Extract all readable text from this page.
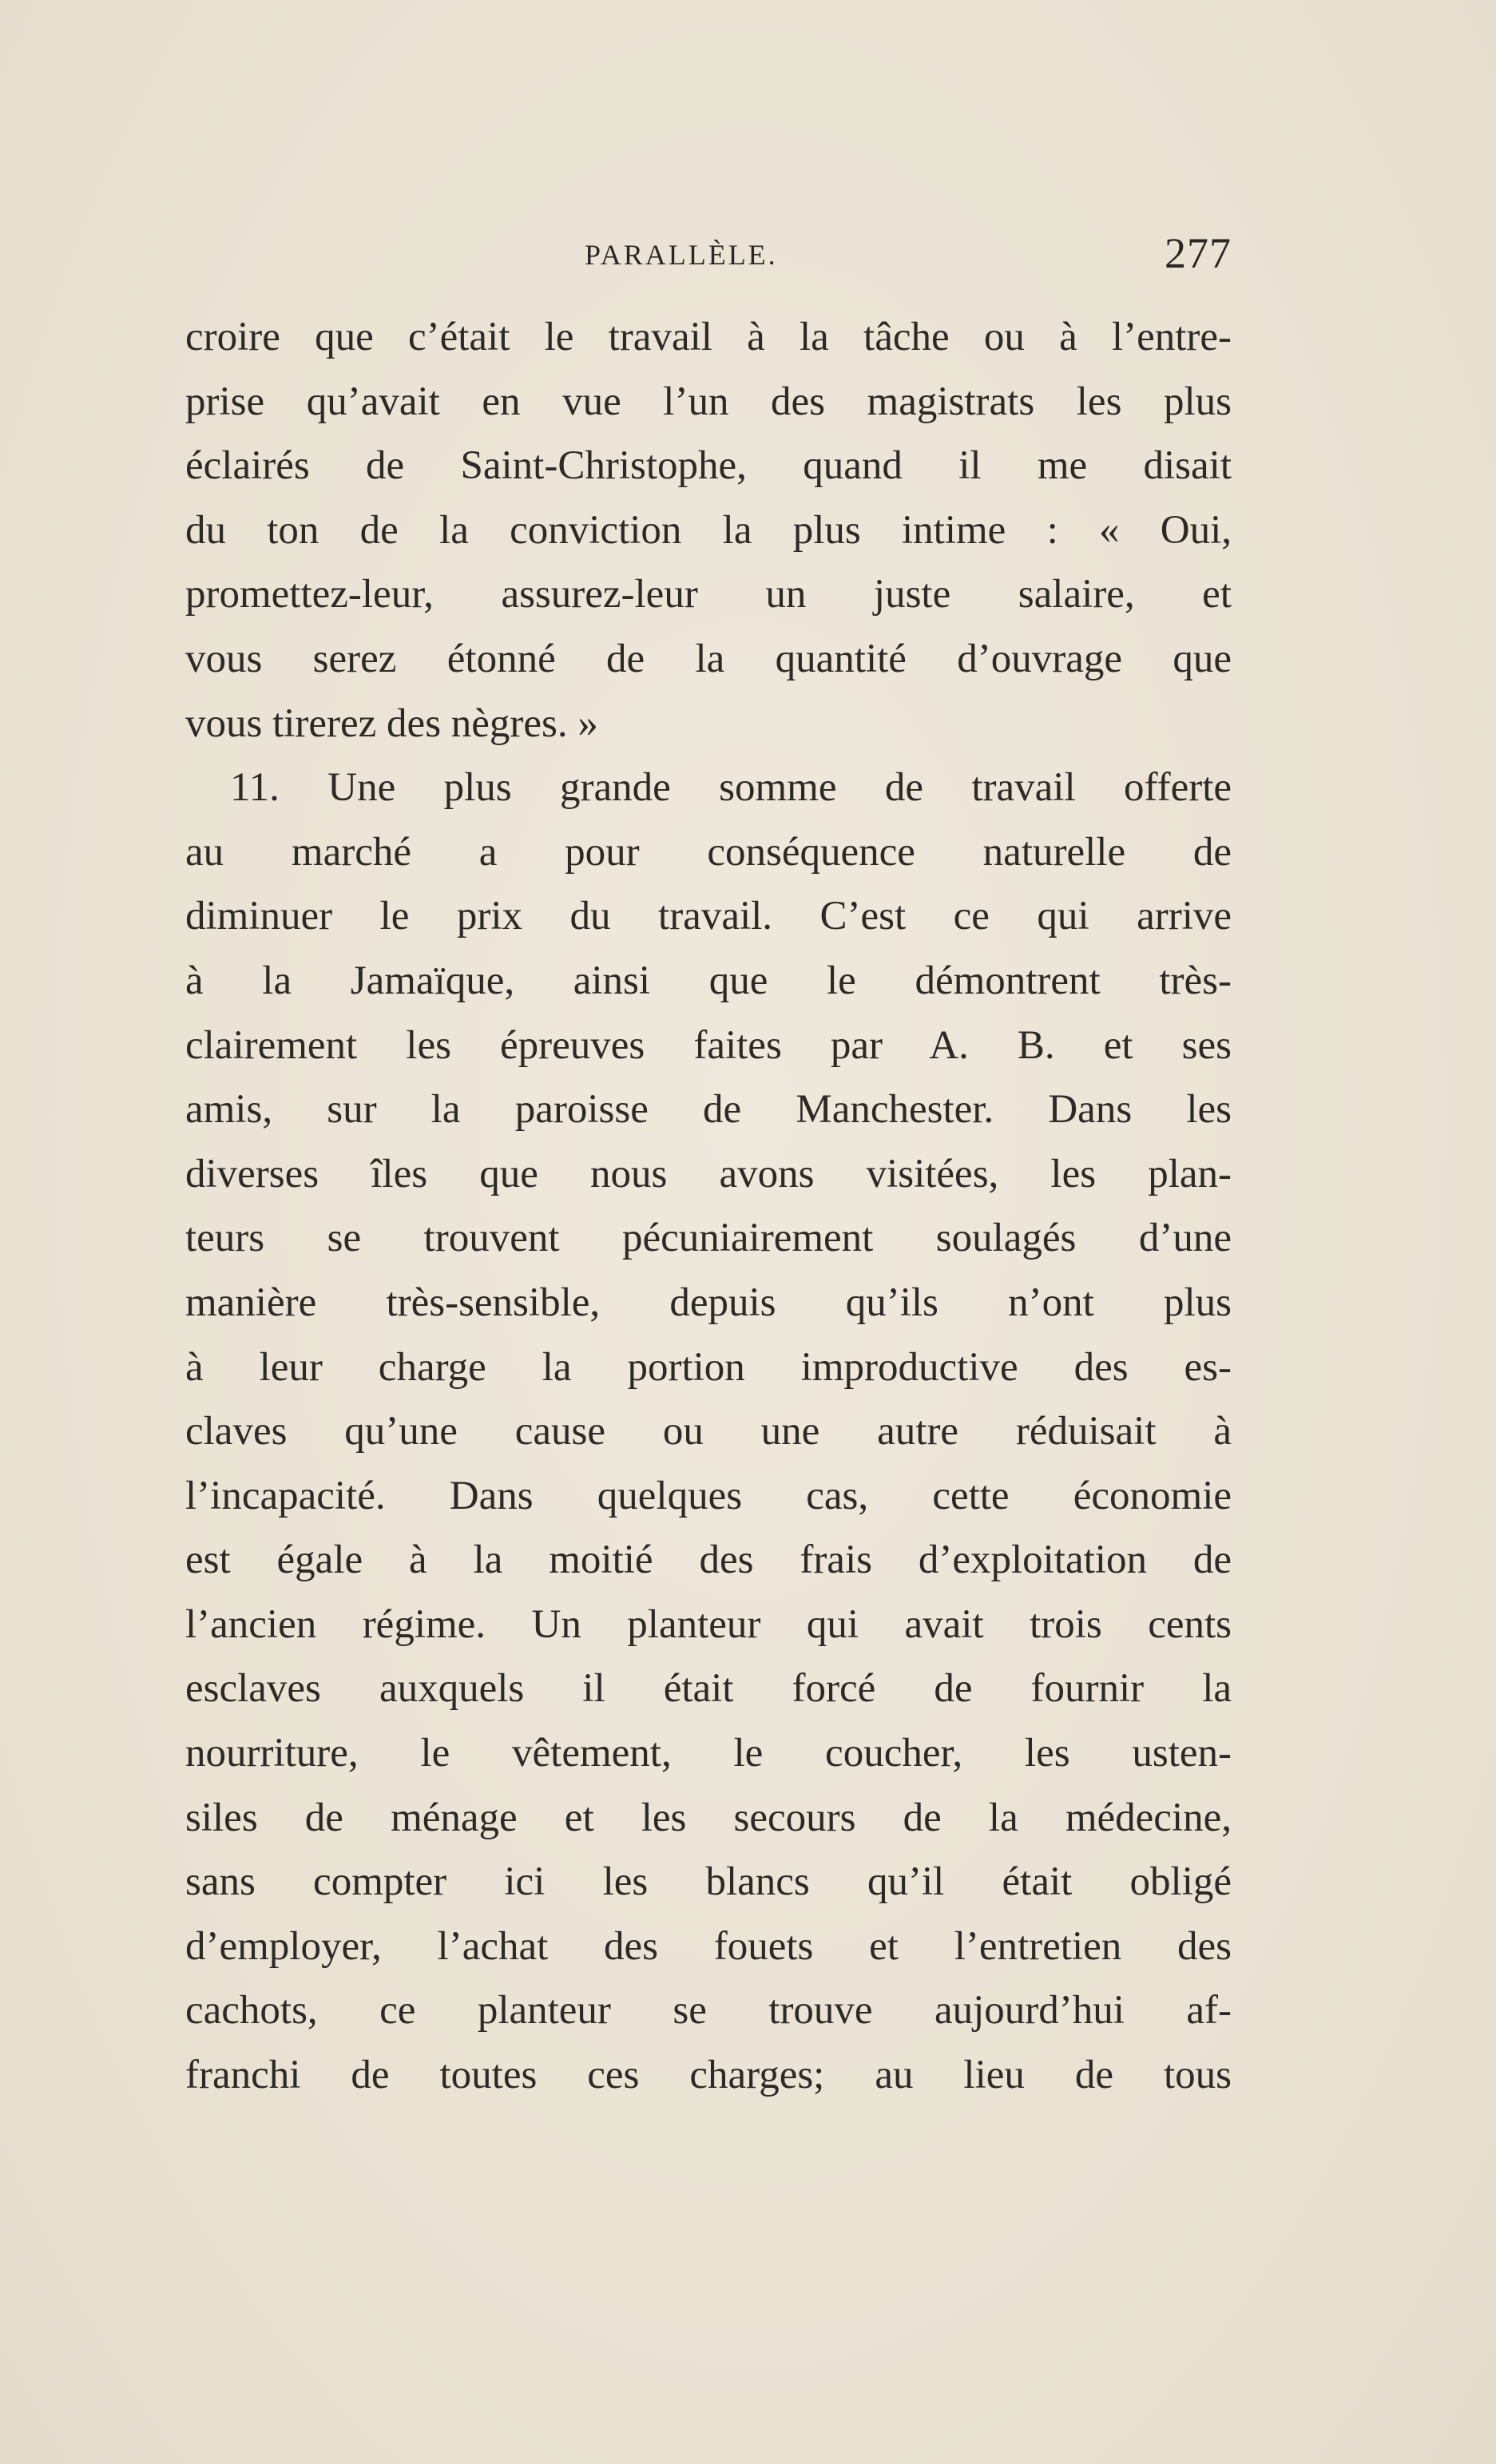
PARALLÈLE.	277
croire que c’était le travail à la tâche ou à l’entre-
prise qu’avait en vue l’un des magistrats les plus
éclairés de Saint-Christophe, quand il me disait
du ton de la conviction la plus intime : « Oui,
promettez-leur, assurez-leur un juste salaire, et
vous serez étonné de la quantité d’ouvrage que
vous tirerez des nègres. »
11. Une plus grande somme de travail offerte
au marché a pour conséquence naturelle de
diminuer le prix du travail. C’est ce qui arrive
à la Jamaïque, ainsi que le démontrent très-
clairement les épreuves faites par A. B. et ses
amis, sur la paroisse de Manchester. Dans les
diverses îles que nous avons visitées, les plan-
teurs se trouvent pécuniairement soulagés d’une
manière très-sensible, depuis qu’ils n’ont plus
à leur charge la portion improductive des es-
claves qu’une cause ou une autre réduisait à
l’incapacité. Dans quelques cas, cette économie
est égale à la moitié des frais d’exploitation de
l’ancien régime. Un planteur qui avait trois cents
esclaves auxquels il était forcé de fournir la
nourriture, le vêtement, le coucher, les usten-
siles de ménage et les secours de la médecine,
sans compter ici les blancs qu’il était obligé
d’employer, l’achat des fouets et l’entretien des
cachots, ce planteur se trouve aujourd’hui af-
franchi de toutes ces charges; au lieu de tous
